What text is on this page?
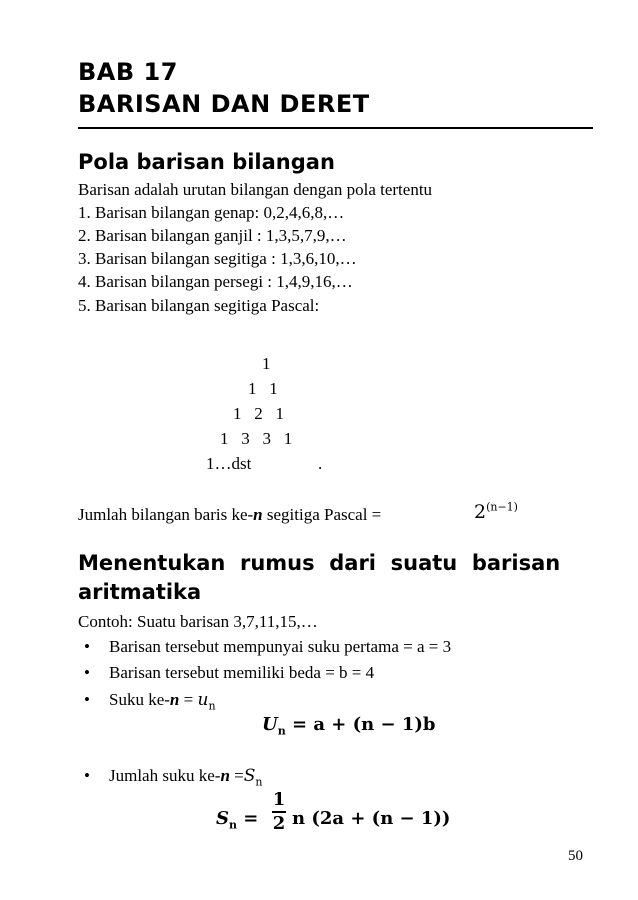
BAB 17
BARISAN DAN DERET
Pola barisan bilangan
Barisan adalah urutan bilangan dengan pola tertentu
1. Barisan bilangan genap: 0,2,4,6,8,…
2. Barisan bilangan ganjil : 1,3,5,7,9,…
3. Barisan bilangan segitiga : 1,3,6,10,…
4. Barisan bilangan persegi : 1,4,9,16,…
5. Barisan bilangan segitiga Pascal:
1
1   1
1   2   1
1   3   3   1
1…dst	.
Jumlah bilangan baris ke-n segitiga Pascal =	$2^{(n-1)}$
Menentukan  rumus  dari  suatu  barisan
aritmatika
Contoh: Suatu barisan 3,7,11,15,…
• Barisan tersebut mempunyai suku pertama = a = 3
• Barisan tersebut memiliki beda = b = 4
• Suku $ke-n = u_n$
$U_n = a + (n - 1)b$
• Jumlah suku $ke-n =S_n$
$S_n$ =
1
2 n (2a + (n − 1))
50
